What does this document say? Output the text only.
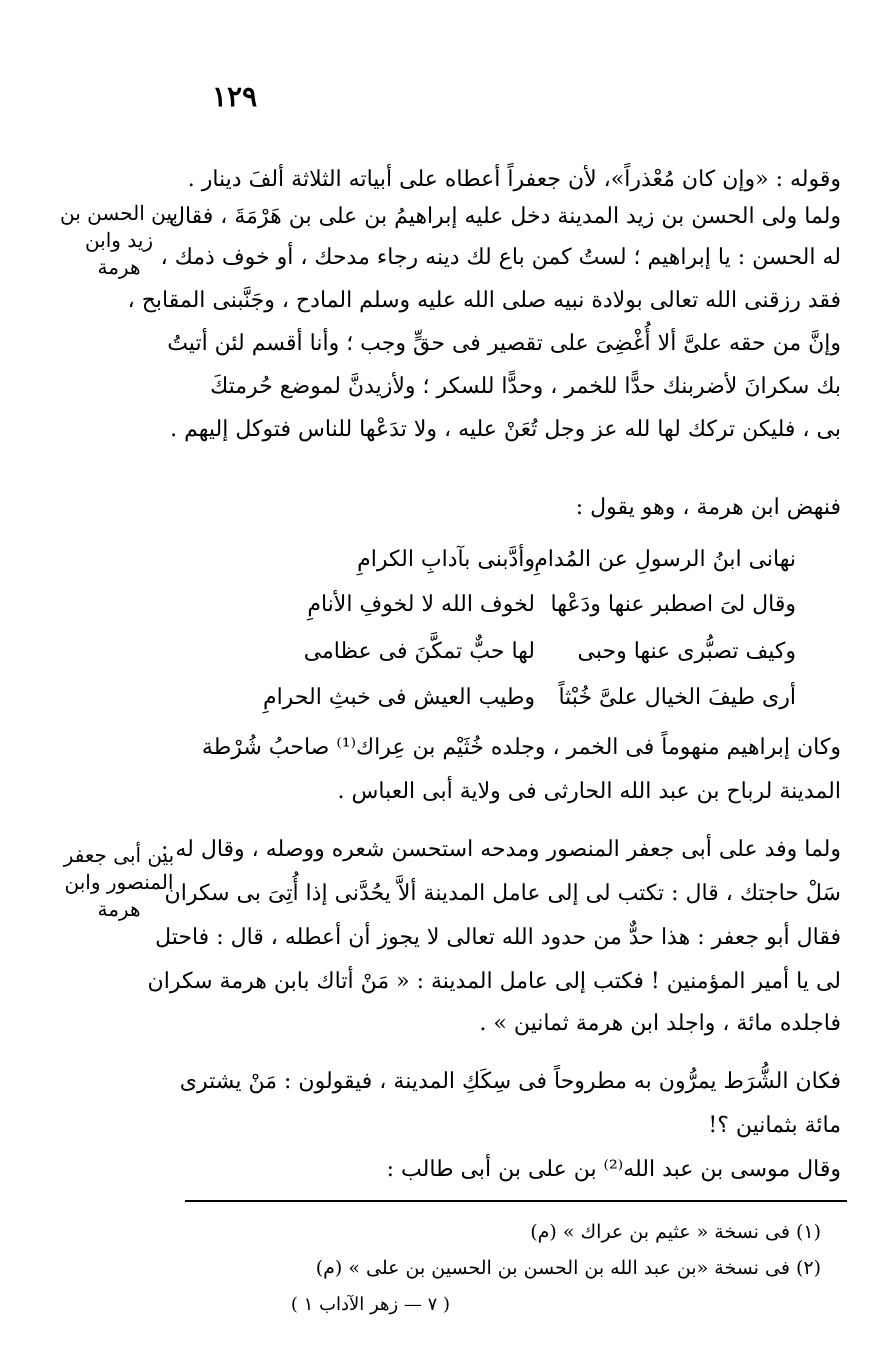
١٢٩
وقوله : «وإن كان مُعْذراً»، لأن جعفراً أعطاه على أبياته الثلاثة ألفَ دينار .
ولما ولى الحسن بن زيد المدينة دخل عليه إبراهيمُ بن على بن هَرْمَةَ ، فقال
له الحسن : يا إبراهيم ؛ لستُ كمن باع لك دينه رجاء مدحك ، أو خوف ذمك ،
فقد رزقنى الله تعالى بولادة نبيه صلى الله عليه وسلم المادح ، وجَنَّبنى المقابح ،
وإنَّ من حقه علىَّ ألا أُغْضِىَ على تقصير فى حقٍّ وجب ؛ وأنا أقسم لئن أتيتُ
بك سكرانَ لأضربنك حدًّا للخمر ، وحدًّا للسكر ؛ ولأزيدنَّ لموضع حُرمتكَ
بى ، فليكن تركك لها لله عز وجل تُعَنْ عليه ، ولا تدَعْها للناس فتوكل إليهم .
فنهض ابن هرمة ، وهو يقول :
نهانى ابنُ الرسولِ عن المُدامِ
وأدَّبنى بآدابِ الكرامِ
وقال لىَ اصطبر عنها ودَعْها
لخوف الله لا لخوفِ الأنامِ
وكيف تصبُّرى عنها وحبى
لها حبٌّ تمكَّنَ فى عظامى
أرى طيفَ الخيال علىَّ خُبْثاً
وطيب العيش فى خبثِ الحرامِ
وكان إبراهيم منهوماً فى الخمر ، وجلده خُثَيْم بن عِراك⁽¹⁾ صاحبُ شُرْطة
المدينة لرباح بن عبد الله الحارثى فى ولاية أبى العباس .
ولما وفد على أبى جعفر المنصور ومدحه استحسن شعره ووصله ، وقال له :
سَلْ حاجتك ، قال : تكتب لى إلى عامل المدينة ألاَّ يحُدَّنى إذا أُتِىَ بى سكران
فقال أبو جعفر : هذا حدٌّ من حدود الله تعالى لا يجوز أن أعطله ، قال : فاحتل
لى يا أمير المؤمنين ! فكتب إلى عامل المدينة : « مَنْ أتاك بابن هرمة سكران
فاجلده مائة ، واجلد ابن هرمة ثمانين » .
فكان الشُّرَط يمرُّون به مطروحاً فى سِكَكِ المدينة ، فيقولون : مَنْ يشترى
مائة بثمانين ؟!
وقال موسى بن عبد الله⁽²⁾ بن على بن أبى طالب :
بين الحسن بن
زيد وابن
هرمة
بين أبى جعفر
المنصور وابن
هرمة
(١) فى نسخة « عثيم بن عراك » (م)
(٢) فى نسخة «بن عبد الله بن الحسن بن الحسين بن على » (م)
( ٧ — زهر الآداب ١ )
